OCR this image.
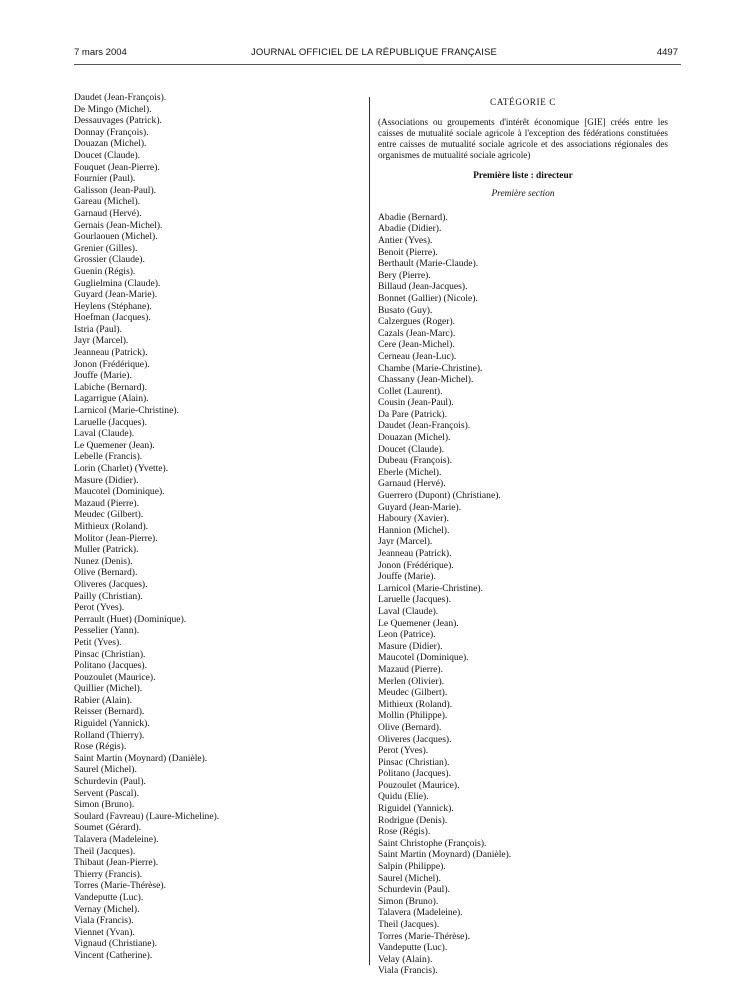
7 mars 2004	JOURNAL OFFICIEL DE LA RÉPUBLIQUE FRANÇAISE	4497
Daudet (Jean-François).
De Mingo (Michel).
Dessauvages (Patrick).
Donnay (François).
Douazan (Michel).
Doucet (Claude).
Fouquet (Jean-Pierre).
Fournier (Paul).
Galisson (Jean-Paul).
Gareau (Michel).
Garnaud (Hervé).
Gernais (Jean-Michel).
Gourlaouen (Michel).
Grenier (Gilles).
Grossier (Claude).
Guenin (Régis).
Guglielmina (Claude).
Guyard (Jean-Marie).
Heylens (Stéphane).
Hoefman (Jacques).
Istria (Paul).
Jayr (Marcel).
Jeanneau (Patrick).
Jonon (Frédérique).
Jouffe (Marie).
Labiche (Bernard).
Lagarrigue (Alain).
Larnicol (Marie-Christine).
Laruelle (Jacques).
Laval (Claude).
Le Quemener (Jean).
Lebelle (Francis).
Lorin (Charlet) (Yvette).
Masure (Didier).
Maucotel (Dominique).
Mazaud (Pierre).
Meudec (Gilbert).
Mithieux (Roland).
Molitor (Jean-Pierre).
Muller (Patrick).
Nunez (Denis).
Olive (Bernard).
Oliveres (Jacques).
Pailly (Christian).
Perot (Yves).
Perrault (Huet) (Dominique).
Pesselier (Yann).
Petit (Yves).
Pinsac (Christian).
Politano (Jacques).
Pouzoulet (Maurice).
Quillier (Michel).
Rabier (Alain).
Reisser (Bernard).
Riguidel (Yannick).
Rolland (Thierry).
Rose (Régis).
Saint Martin (Moynard) (Danièle).
Saurel (Michel).
Schurdevin (Paul).
Servent (Pascal).
Simon (Bruno).
Soulard (Favreau) (Laure-Micheline).
Soumet (Gérard).
Talavera (Madeleine).
Theil (Jacques).
Thibaut (Jean-Pierre).
Thierry (Francis).
Torres (Marie-Thérèse).
Vandeputte (Luc).
Vernay (Michel).
Viala (Francis).
Viennet (Yvan).
Vignaud (Christiane).
Vincent (Catherine).
CATÉGORIE C
(Associations ou groupements d'intérêt économique [GIE] créés entre les caisses de mutualité sociale agricole à l'exception des fédérations constituées entre caisses de mutualité sociale agricole et des associations régionales des organismes de mutualité sociale agricole)
Première liste : directeur
Première section
Abadie (Bernard).
Abadie (Didier).
Antier (Yves).
Benoit (Pierre).
Berthault (Marie-Claude).
Bery (Pierre).
Billaud (Jean-Jacques).
Bonnet (Gallier) (Nicole).
Busato (Guy).
Calzergues (Roger).
Cazals (Jean-Marc).
Cere (Jean-Michel).
Cerneau (Jean-Luc).
Chambe (Marie-Christine).
Chassany (Jean-Michel).
Collet (Laurent).
Cousin (Jean-Paul).
Da Pare (Patrick).
Daudet (Jean-François).
Douazan (Michel).
Doucet (Claude).
Dubeau (François).
Eberle (Michel).
Garnaud (Hervé).
Guerrero (Dupont) (Christiane).
Guyard (Jean-Marie).
Haboury (Xavier).
Hannion (Michel).
Jayr (Marcel).
Jeanneau (Patrick).
Jonon (Frédérique).
Jouffe (Marie).
Larnicol (Marie-Christine).
Laruelle (Jacques).
Laval (Claude).
Le Quemener (Jean).
Leon (Patrice).
Masure (Didier).
Maucotel (Dominique).
Mazaud (Pierre).
Merlen (Olivier).
Meudec (Gilbert).
Mithieux (Roland).
Mollin (Philippe).
Olive (Bernard).
Oliveres (Jacques).
Perot (Yves).
Pinsac (Christian).
Politano (Jacques).
Pouzoulet (Maurice).
Quidu (Elie).
Riguidel (Yannick).
Rodrigue (Denis).
Rose (Régis).
Saint Christophe (François).
Saint Martin (Moynard) (Danièle).
Salpin (Philippe).
Saurel (Michel).
Schurdevin (Paul).
Simon (Bruno).
Talavera (Madeleine).
Theil (Jacques).
Torres (Marie-Thérèse).
Vandeputte (Luc).
Velay (Alain).
Viala (Francis).
